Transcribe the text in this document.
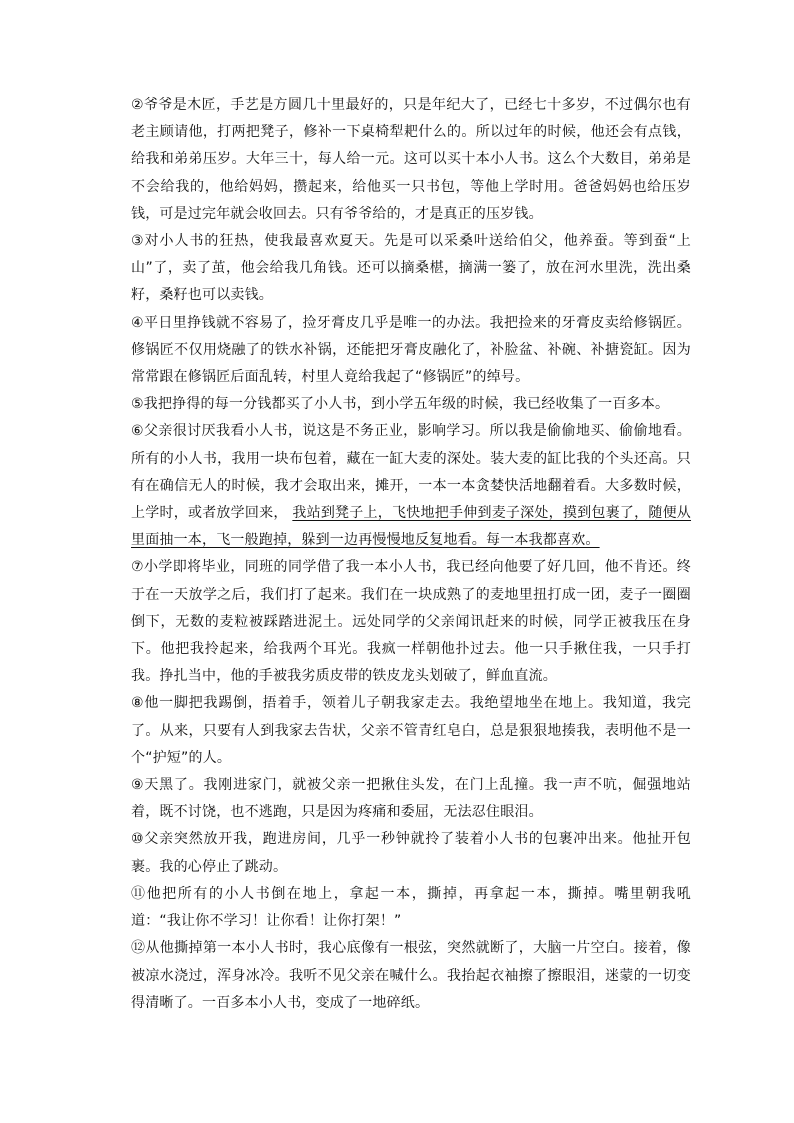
②爷爷是木匠，手艺是方圆几十里最好的，只是年纪大了，已经七十多岁，不过偶尔也有老主顾请他，打两把凳子，修补一下桌椅犁耙什么的。所以过年的时候，他还会有点钱，给我和弟弟压岁。大年三十，每人给一元。这可以买十本小人书。这么个大数目，弟弟是不会给我的，他给妈妈，攒起来，给他买一只书包，等他上学时用。爸爸妈妈也给压岁钱，可是过完年就会收回去。只有爷爷给的，才是真正的压岁钱。

③对小人书的狂热，使我最喜欢夏天。先是可以采桑叶送给伯父，他养蚕。等到蚕“上山”了，卖了茧，他会给我几角钱。还可以摘桑椹，摘满一篓了，放在河水里洗，洗出桑籽，桑籽也可以卖钱。

④平日里挣钱就不容易了，捡牙膏皮几乎是唯一的办法。我把捡来的牙膏皮卖给修锅匠。修锅匠不仅用烧融了的铁水补锅，还能把牙膏皮融化了，补脸盆、补碗、补搪瓷缸。因为常常跟在修锅匠后面乱转，村里人竟给我起了“修锅匠”的绰号。

⑤我把挣得的每一分钱都买了小人书，到小学五年级的时候，我已经收集了一百多本。

⑥父亲很讨厌我看小人书，说这是不务正业，影响学习。所以我是偷偷地买、偷偷地看。所有的小人书，我用一块布包着，藏在一缸大麦的深处。装大麦的缸比我的个头还高。只有在确信无人的时候，我才会取出来，摊开，一本一本贪婪快活地翻着看。大多数时候，上学时，或者放学回来， 我站到凳子上，飞快地把手伸到麦子深处，摸到包裹了，随便从里面抽一本，飞一般跑掉，躲到一边再慢慢地反复地看。每一本我都喜欢。

⑦小学即将毕业，同班的同学借了我一本小人书，我已经向他要了好几回，他不肯还。终于在一天放学之后，我们打了起来。我们在一块成熟了的麦地里扭打成一团，麦子一圈圈倒下，无数的麦粒被踩踏进泥土。远处同学的父亲闻讯赶来的时候，同学正被我压在身下。他把我拎起来，给我两个耳光。我疯一样朝他扑过去。他一只手揪住我，一只手打我。挣扎当中，他的手被我劣质皮带的铁皮龙头划破了，鲜血直流。

⑧他一脚把我踢倒，捂着手，领着儿子朝我家走去。我绝望地坐在地上。我知道，我完了。从来，只要有人到我家去告状，父亲不管青红皂白，总是狠狠地揍我，表明他不是一个“护短”的人。

⑨天黑了。我刚进家门，就被父亲一把揪住头发，在门上乱撞。我一声不吭，倔强地站着，既不讨饶，也不逃跑，只是因为疼痛和委屈，无法忍住眼泪。

⑩父亲突然放开我，跑进房间，几乎一秒钟就拎了装着小人书的包裹冲出来。他扯开包裹。我的心停止了跳动。

⑪他把所有的小人书倒在地上，拿起一本，撕掉，再拿起一本，撕掉。嘴里朝我吼道：“我让你不学习！让你看！让你打架！”

⑫从他撕掉第一本小人书时，我心底像有一根弦，突然就断了，大脑一片空白。接着，像被凉水浇过，浑身冰冷。我听不见父亲在喊什么。我抬起衣袖擦了擦眼泪，迷蒙的一切变得清晰了。一百多本小人书，变成了一地碎纸。
